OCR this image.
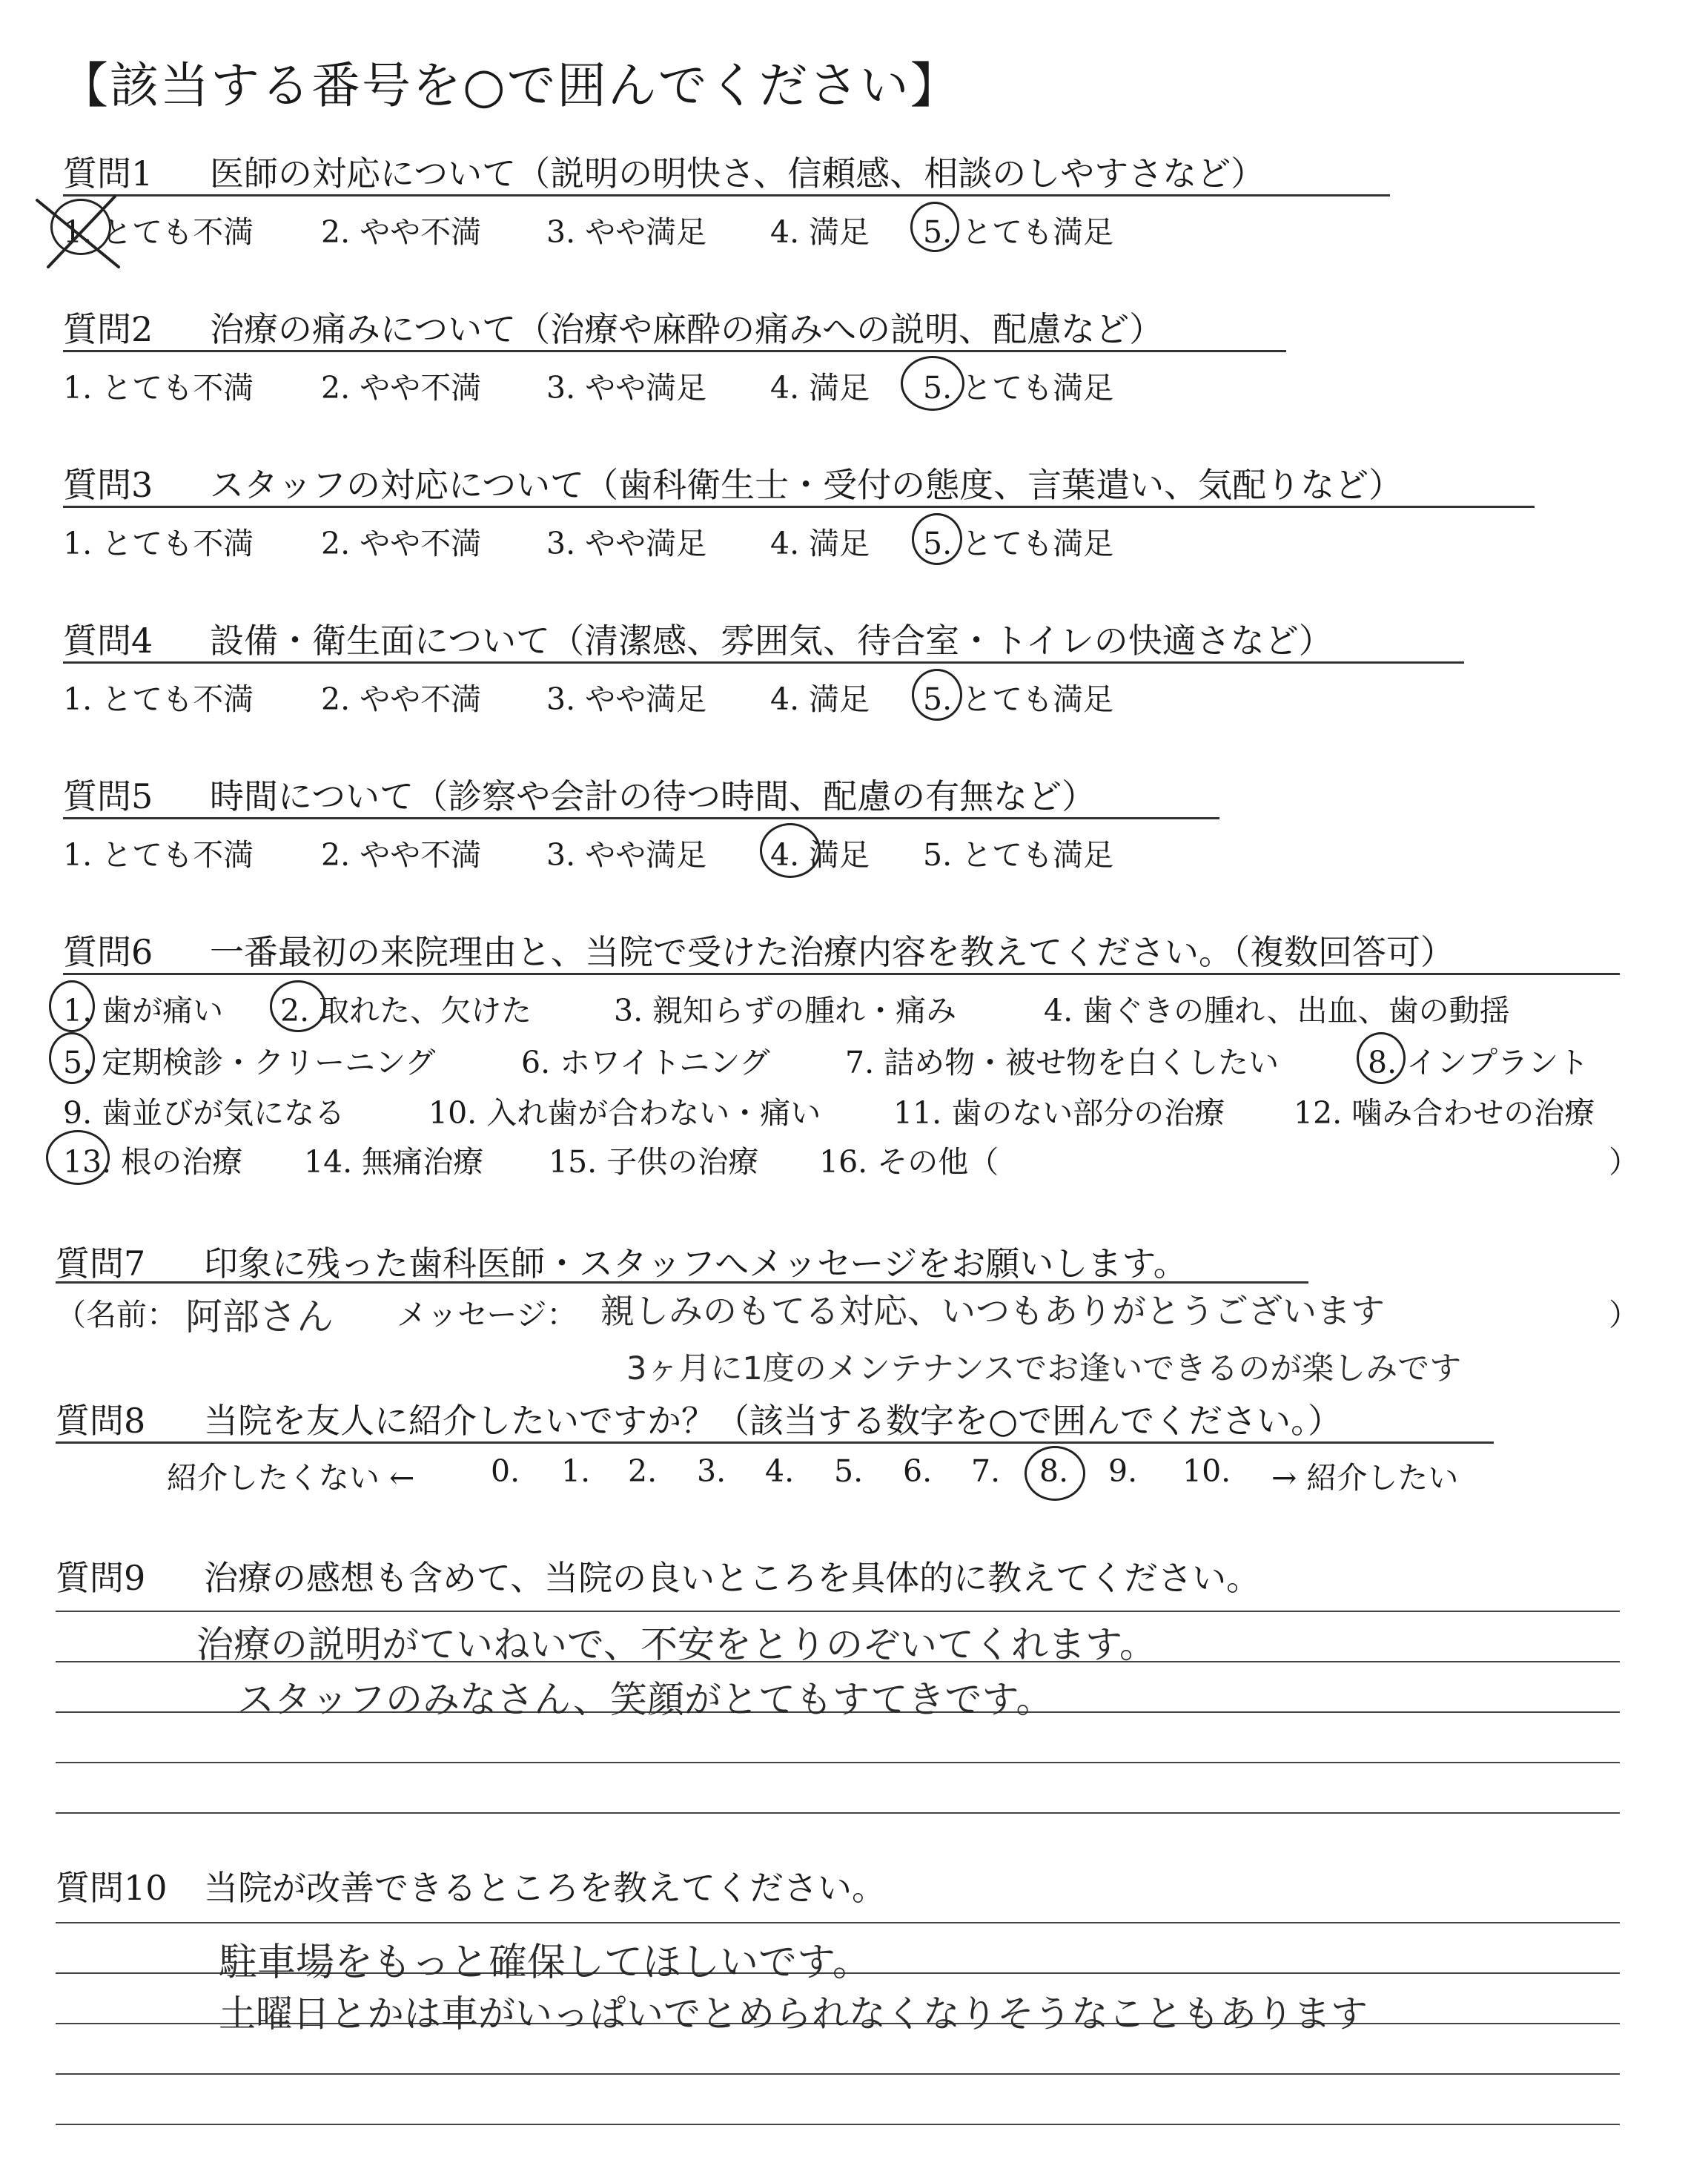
【該当する番号を○で囲んでください】
質問1 医師の対応について（説明の明快さ、信頼感、相談のしやすさなど）
1. とても不満 2. やや不満 3. やや満足 4. 満足 5. とても満足
質問2 治療の痛みについて（治療や麻酔の痛みへの説明、配慮など）
1. とても不満 2. やや不満 3. やや満足 4. 満足 5. とても満足
質問3 スタッフの対応について（歯科衛生士・受付の態度、言葉遣い、気配りなど）
1. とても不満 2. やや不満 3. やや満足 4. 満足 5. とても満足
質問4 設備・衛生面について（清潔感、雰囲気、待合室・トイレの快適さなど）
1. とても不満 2. やや不満 3. やや満足 4. 満足 5. とても満足
質問5 時間について（診察や会計の待つ時間、配慮の有無など）
1. とても不満 2. やや不満 3. やや満足 4. 満足 5. とても満足
質問6 一番最初の来院理由と、当院で受けた治療内容を教えてください。（複数回答可）
1. 歯が痛い 2. 取れた、欠けた	3. 親知らずの腫れ・痛み	4. 歯ぐきの腫れ、出血、歯の動揺
5. 定期検診・クリーニング	6. ホワイトニング 7. 詰め物・被せ物を白くしたい	8. インプラント
9. 歯並びが気になる	10. 入れ歯が合わない・痛い 11. 歯のない部分の治療 12. 噛み合わせの治療
13. 根の治療 14. 無痛治療 15. 子供の治療 16. その他（	）
質問7 印象に残った歯科医師・スタッフへメッセージをお願いします。
（名前： 阿部さん メッセージ： 親しみのもてる対応、いつもありがとうございます
3ヶ月に1度のメンテナンスでお逢いできるのが楽しみです
）
質問8 当院を友人に紹介したいですか？（該当する数字を○で囲んでください。）
紹介したくない ←	0. 1. 2. 3. 4. 5. 6. 7. 8. 9. 10. → 紹介したい
質問9 治療の感想も含めて、当院の良いところを具体的に教えてください。
治療の説明がていねいで、不安をとりのぞいてくれます。
スタッフのみなさん、笑顔がとてもすてきです。
質問10 当院が改善できるところを教えてください。
駐車場をもっと確保してほしいです。
土曜日とかは車がいっぱいでとめられなくなりそうなこともあります
